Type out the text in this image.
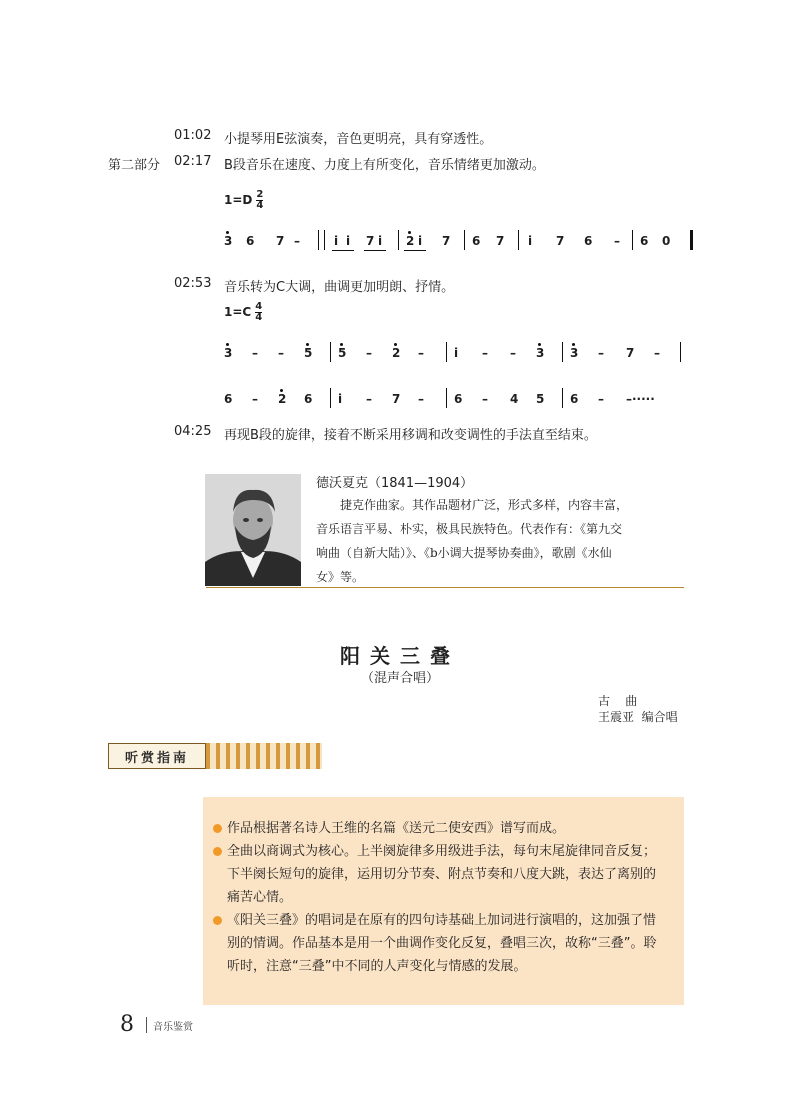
01:02 小提琴用E弦演奏，音色更明亮，具有穿透性。
第二部分 02:17 B段音乐在速度、力度上有所变化，音乐情绪更加激动。
$1=D \frac{2}{4}$
3 6 7 –	i i 7 i 2 i 7 6 7 i 7 6 – 6 0
02:53 音乐转为C大调，曲调更加明朗、抒情。
$1=C \frac{4}{4}$
3 – – 5 5 – 2 –	i – – 3 3 – 7 –
6 – 2 6 i – 7 –	6 – 4 5 6 – –·····
04:25 再现B段的旋律，接着不断采用移调和改变调性的手法直至结束。
德沃夏克（1841—1904）
捷克作曲家。其作品题材广泛，形式多样，内容丰富，
音乐语言平易、朴实，极具民族特色。代表作有：《第九交
响曲（自新大陆）》、《b小调大提琴协奏曲》，歌剧《水仙
女》等。
阳关三叠
（混声合唱）
古    曲
王震亚  编合唱
听赏指南
作品根据著名诗人王维的名篇《送元二使安西》谱写而成。
全曲以商调式为核心。上半阕旋律多用级进手法，每句末尾旋律同音反复；
下半阕长短句的旋律，运用切分节奏、附点节奏和八度大跳，表达了离别的
痛苦心情。
《阳关三叠》的唱词是在原有的四句诗基础上加词进行演唱的，这加强了惜
别的情调。作品基本是用一个曲调作变化反复，叠唱三次，故称“三叠”。聆
听时，注意“三叠”中不同的人声变化与情感的发展。
8 音乐鉴赏
